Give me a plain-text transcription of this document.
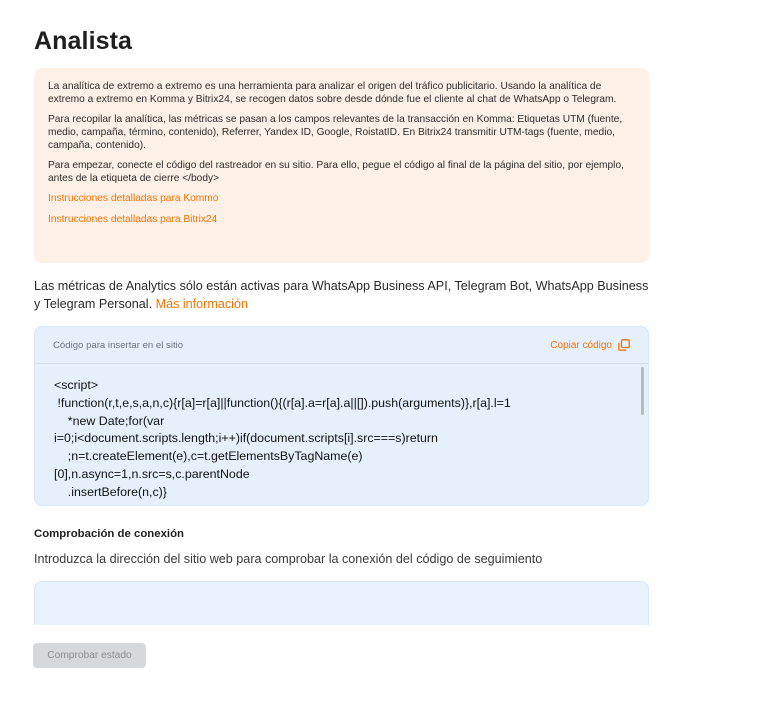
Analista

La analítica de extremo a extremo es una herramienta para analizar el origen del tráfico publicitario. Usando la analítica de extremo a extremo en Komma y Bitrix24, se recogen datos sobre desde dónde fue el cliente al chat de WhatsApp o Telegram.

Para recopilar la analítica, las métricas se pasan a los campos relevantes de la transacción en Komma: Etiquetas UTM (fuente, medio, campaña, término, contenido), Referrer, Yandex ID, Google, RoistatID. En Bitrix24 transmitir UTM-tags (fuente, medio, campaña, contenido).

Para empezar, conecte el código del rastreador en su sitio. Para ello, pegue el código al final de la página del sitio, por ejemplo, antes de la etiqueta de cierre </body>

Instrucciones detalladas para Kommo
Instrucciones detalladas para Bitrix24
Las métricas de Analytics sólo están activas para WhatsApp Business API, Telegram Bot, WhatsApp Business y Telegram Personal. Más información
Código para insertar en el sitio	Copiar código
<script>
!function(r,t,e,s,a,n,c){r[a]=r[a]||function(){(r[a].a=r[a].a||[]).push(arguments)},r[a].l=1
*new Date;for(var
i=0;i<document.scripts.length;i++)if(document.scripts[i].src===s)return
;n=t.createElement(e),c=t.getElementsByTagName(e)
[0],n.async=1,n.src=s,c.parentNode
.insertBefore(n,c)}
Comprobación de conexión
Introduzca la dirección del sitio web para comprobar la conexión del código de seguimiento
Comprobar estado
